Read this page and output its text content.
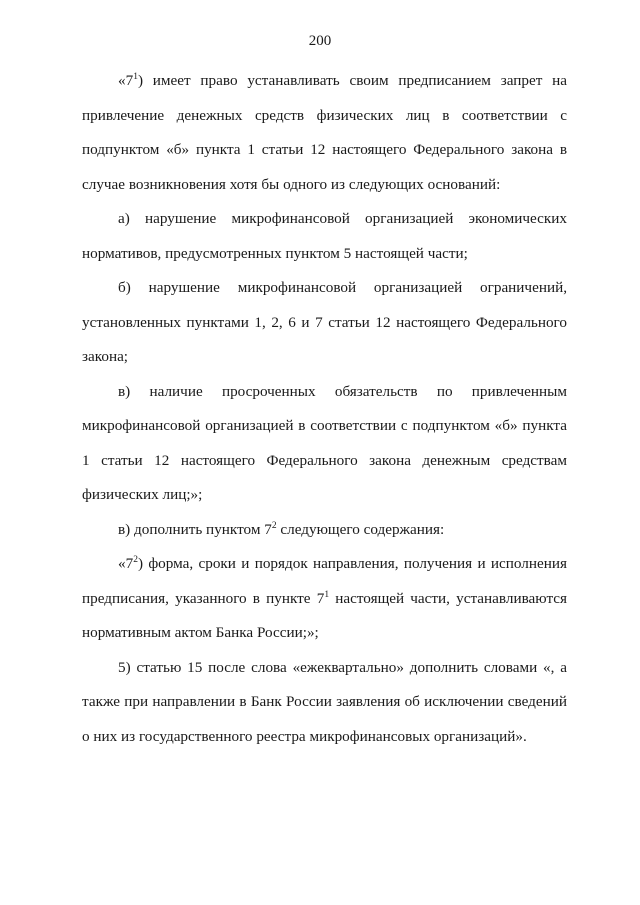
200

«$7^1$) имеет право устанавливать своим предписанием запрет на привлечение денежных средств физических лиц в соответствии с подпунктом «б» пункта 1 статьи 12 настоящего Федерального закона в случае возникновения хотя бы одного из следующих оснований:

а) нарушение микрофинансовой организацией экономических нормативов, предусмотренных пунктом 5 настоящей части;

б) нарушение микрофинансовой организацией ограничений, установленных пунктами 1, 2, 6 и 7 статьи 12 настоящего Федерального закона;

в) наличие просроченных обязательств по привлеченным микрофинансовой организацией в соответствии с подпунктом «б» пункта 1 статьи 12 настоящего Федерального закона денежным средствам физических лиц;»;

в) дополнить пунктом $7^2$ следующего содержания:

«$7^2$) форма, сроки и порядок направления, получения и исполнения предписания, указанного в пункте $7^1$ настоящей части, устанавливаются нормативным актом Банка России;»;

5) статью 15 после слова «ежеквартально» дополнить словами «, а также при направлении в Банк России заявления об исключении сведений о них из государственного реестра микрофинансовых организаций».
